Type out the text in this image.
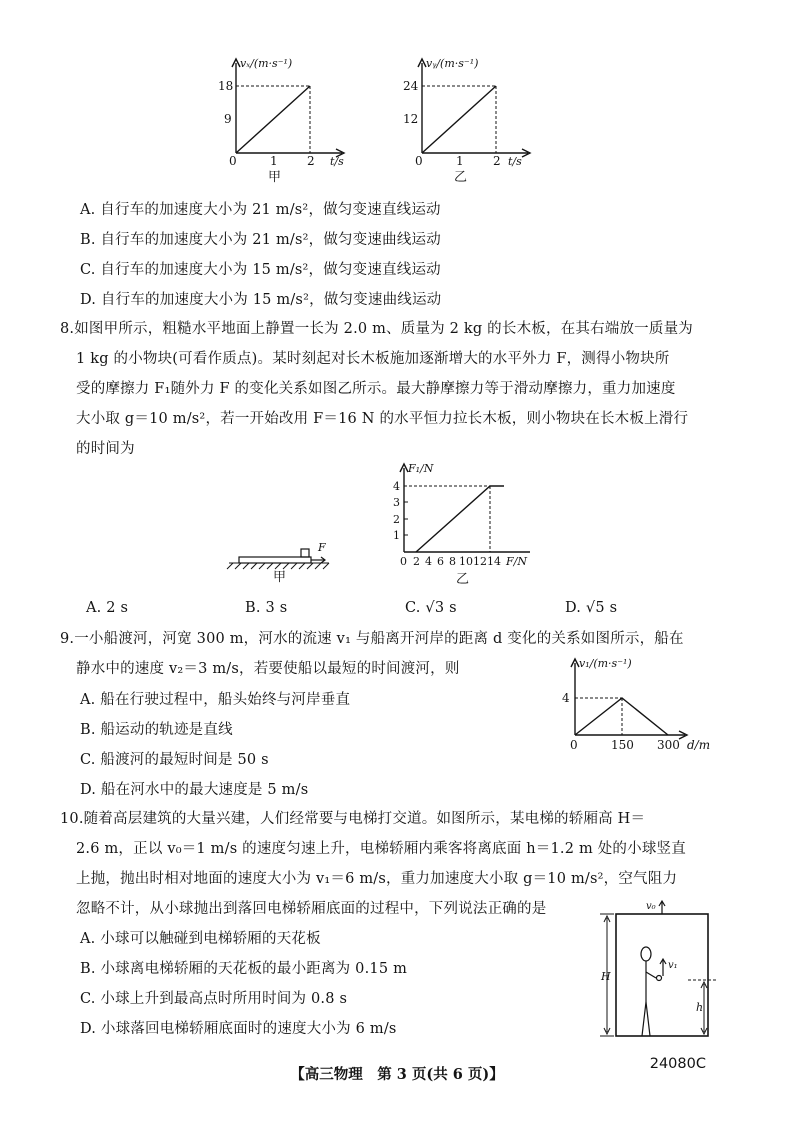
vₓ/(m·s⁻¹)
t/s
18
9
0	1 2
甲
vᵧ/(m·s⁻¹)
t/s
24
12
0	1 2
乙
A. 自行车的加速度大小为 21 m/s²，做匀变速直线运动
B. 自行车的加速度大小为 21 m/s²，做匀变速曲线运动
C. 自行车的加速度大小为 15 m/s²，做匀变速直线运动
D. 自行车的加速度大小为 15 m/s²，做匀变速曲线运动
8.如图甲所示，粗糙水平地面上静置一长为 2.0 m、质量为 2 kg 的长木板，在其右端放一质量为
1 kg 的小物块(可看作质点)。某时刻起对长木板施加逐渐增大的水平外力 F，测得小物块所
受的摩擦力 F₁随外力 F 的变化关系如图乙所示。最大静摩擦力等于滑动摩擦力，重力加速度
大小取 g＝10 m/s²，若一开始改用 F＝16 N 的水平恒力拉长木板，则小物块在长木板上滑行
的时间为
F
甲
F₁/N
4
3
2
1
0 2 4 6 8 10 12 14 F/N
乙
A. 2 s	B. 3 s	C. √3 s	D. √5 s
9.一小船渡河，河宽 300 m，河水的流速 v₁ 与船离开河岸的距离 d 变化的关系如图所示，船在
静水中的速度 v₂＝3 m/s，若要使船以最短的时间渡河，则
A. 船在行驶过程中，船头始终与河岸垂直
B. 船运动的轨迹是直线
C. 船渡河的最短时间是 50 s
D. 船在河水中的最大速度是 5 m/s
v₁/(m·s⁻¹)
4
0	150 300 d/m
10.随着高层建筑的大量兴建，人们经常要与电梯打交道。如图所示，某电梯的轿厢高 H＝
2.6 m，正以 v₀＝1 m/s 的速度匀速上升，电梯轿厢内乘客将离底面 h＝1.2 m 处的小球竖直
上抛，抛出时相对地面的速度大小为 v₁＝6 m/s，重力加速度大小取 g＝10 m/s²，空气阻力
忽略不计，从小球抛出到落回电梯轿厢底面的过程中，下列说法正确的是
A. 小球可以触碰到电梯轿厢的天花板
B. 小球离电梯轿厢的天花板的最小距离为 0.15 m
C. 小球上升到最高点时所用时间为 0.8 s
D. 小球落回电梯轿厢底面时的速度大小为 6 m/s
v₀
H
v₁
h
【高三物理　第 3 页(共 6 页)】
24080C
